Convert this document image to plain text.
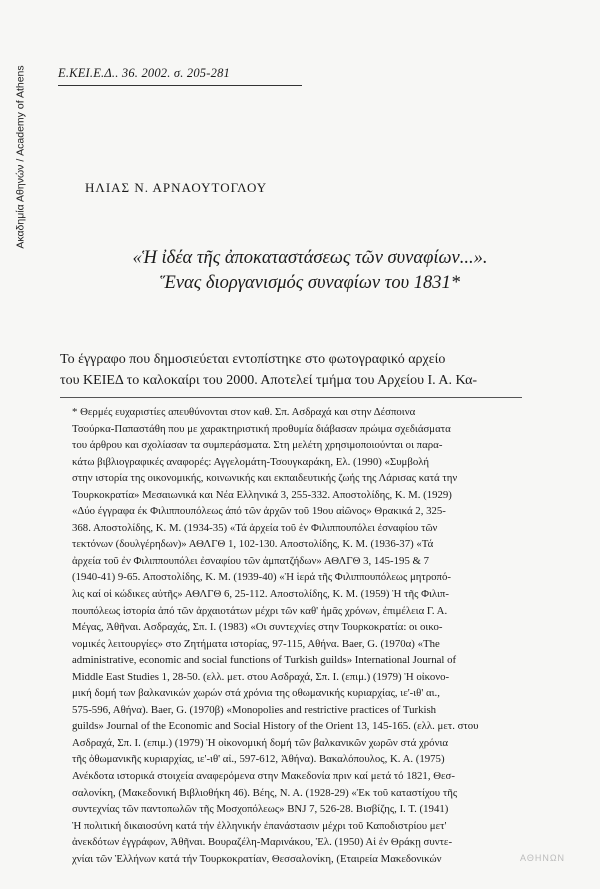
Ακαδημία Αθηνών / Academy of Athens Ε.ΚΕΙ.Ε.Δ.. 36. 2002. σ. 205-281
ΗΛΙΑΣ Ν. ΑΡΝΑΟΥΤΟΓΛΟΥ
«Ἡ ἰδέα τῆς ἀποκαταστάσεως τῶν συναφίων...».
Ἕνας διοργανισμός συναφίων του 1831*
Το έγγραφο που δημοσιεύεται εντοπίστηκε στο φωτογραφικό αρχείο
του ΚΕΙΕΔ το καλοκαίρι του 2000. Αποτελεί τμήμα του Αρχείου Ι. Α. Κα-
* Θερμές ευχαριστίες απευθύνονται στον καθ. Σπ. Ασδραχά και στην Δέσποινα
Τσούρκα-Παπαστάθη που με χαρακτηριστική προθυμία διάβασαν πρώιμα σχεδιάσματα
του άρθρου και σχολίασαν τα συμπεράσματα. Στη μελέτη χρησιμοποιούνται οι παρα-
κάτω βιβλιογραφικές αναφορές: Αγγελομάτη-Τσουγκαράκη, Ελ. (1990) «Συμβολή
στην ιστορία της οικονομικής, κοινωνικής και εκπαιδευτικής ζωής της Λάρισας κατά την
Τουρκοκρατία» Μεσαιωνικά και Νέα Ελληνικά 3, 255-332. Αποστολίδης, Κ. Μ. (1929)
«Δύο έγγραφα έκ Φιλιππουπόλεως άπό τῶν ἀρχῶν τοῦ 19ου αἰῶνος» Θρακικά 2, 325-
368. Αποστολίδης, Κ. Μ. (1934-35) «Τά ἀρχεία τοῦ ἐν Φιλιππουπόλει ἐσναφίου τῶν
τεκτόνων (δουλγέρηδων)» ΑΘΛΓΘ 1, 102-130. Αποστολίδης, Κ. Μ. (1936-37) «Τά
ἀρχεία τοῦ ἐν Φιλιππουπόλει ἐσναφίου τῶν ἀμπατζήδων» ΑΘΛΓΘ 3, 145-195 & 7
(1940-41) 9-65. Αποστολίδης, Κ. Μ. (1939-40) «Ἡ ἱερά τῆς Φιλιππουπόλεως μητροπό-
λις καί οἱ κώδικες αὐτῆς» ΑΘΛΓΘ 6, 25-112. Αποστολίδης, Κ. Μ. (1959) Ἡ τῆς Φιλιπ-
πουπόλεως ἱστορία ἀπό τῶν ἀρχαιοτάτων μέχρι τῶν καθ' ἡμᾶς χρόνων, ἐπιμέλεια Γ. Α.
Μέγας, Ἀθῆναι. Ασδραχάς, Σπ. Ι. (1983) «Οι συντεχνίες στην Τουρκοκρατία: οι οικο-
νομικές λειτουργίες» στο Ζητήματα ιστορίας, 97-115, Αθήνα. Baer, G. (1970α) «The
administrative, economic and social functions of Turkish guilds» International Journal of
Middle East Studies 1, 28-50. (ελλ. μετ. στου Ασδραχά, Σπ. Ι. (επιμ.) (1979) Ἡ οἰκονο-
μική δομή των βαλκανικών χωρών στά χρόνια της οθωμανικής κυριαρχίας, ιε'-ιθ' αι.,
575-596, Αθήνα). Baer, G. (1970β) «Monopolies and restrictive practices of Turkish
guilds» Journal of the Economic and Social History of the Orient 13, 145-165. (ελλ. μετ. στου
Ασδραχά, Σπ. Ι. (επιμ.) (1979) Ἡ οἰκονομική δομή τῶν βαλκανικῶν χωρῶν στά χρόνια
τῆς ὀθωμανικῆς κυριαρχίας, ιε'-ιθ' αἰ., 597-612, Ἀθήνα). Βακαλόπουλος, Κ. Α. (1975)
Ανέκδοτα ιστορικά στοιχεία αναφερόμενα στην Μακεδονία πριν καί μετά τό 1821, Θεσ-
σαλονίκη, (Μακεδονική Βιβλιοθήκη 46). Βέης, Ν. Α. (1928-29) «Ἐκ τοῦ καταστίχου τῆς
συντεχνίας τῶν παντοπωλῶν τῆς Μοσχοπόλεως» BNJ 7, 526-28. Βισβίζης, Ι. Τ. (1941)
Ἡ πολιτική δικαιοσύνη κατά τήν ἑλληνικήν ἐπανάστασιν μέχρι τοῦ Καποδιστρίου μετ'
ἀνεκδότων ἐγγράφων, Ἀθῆναι. Βουραζέλη-Μαρινάκου, Ἐλ. (1950) Αἱ ἐν Θράκῃ συντε-
χνίαι τῶν Ἑλλήνων κατά τήν Τουρκοκρατίαν, Θεσσαλονίκη, (Εταιρεία Μακεδονικών	ΑΘΗΝΩΝ
